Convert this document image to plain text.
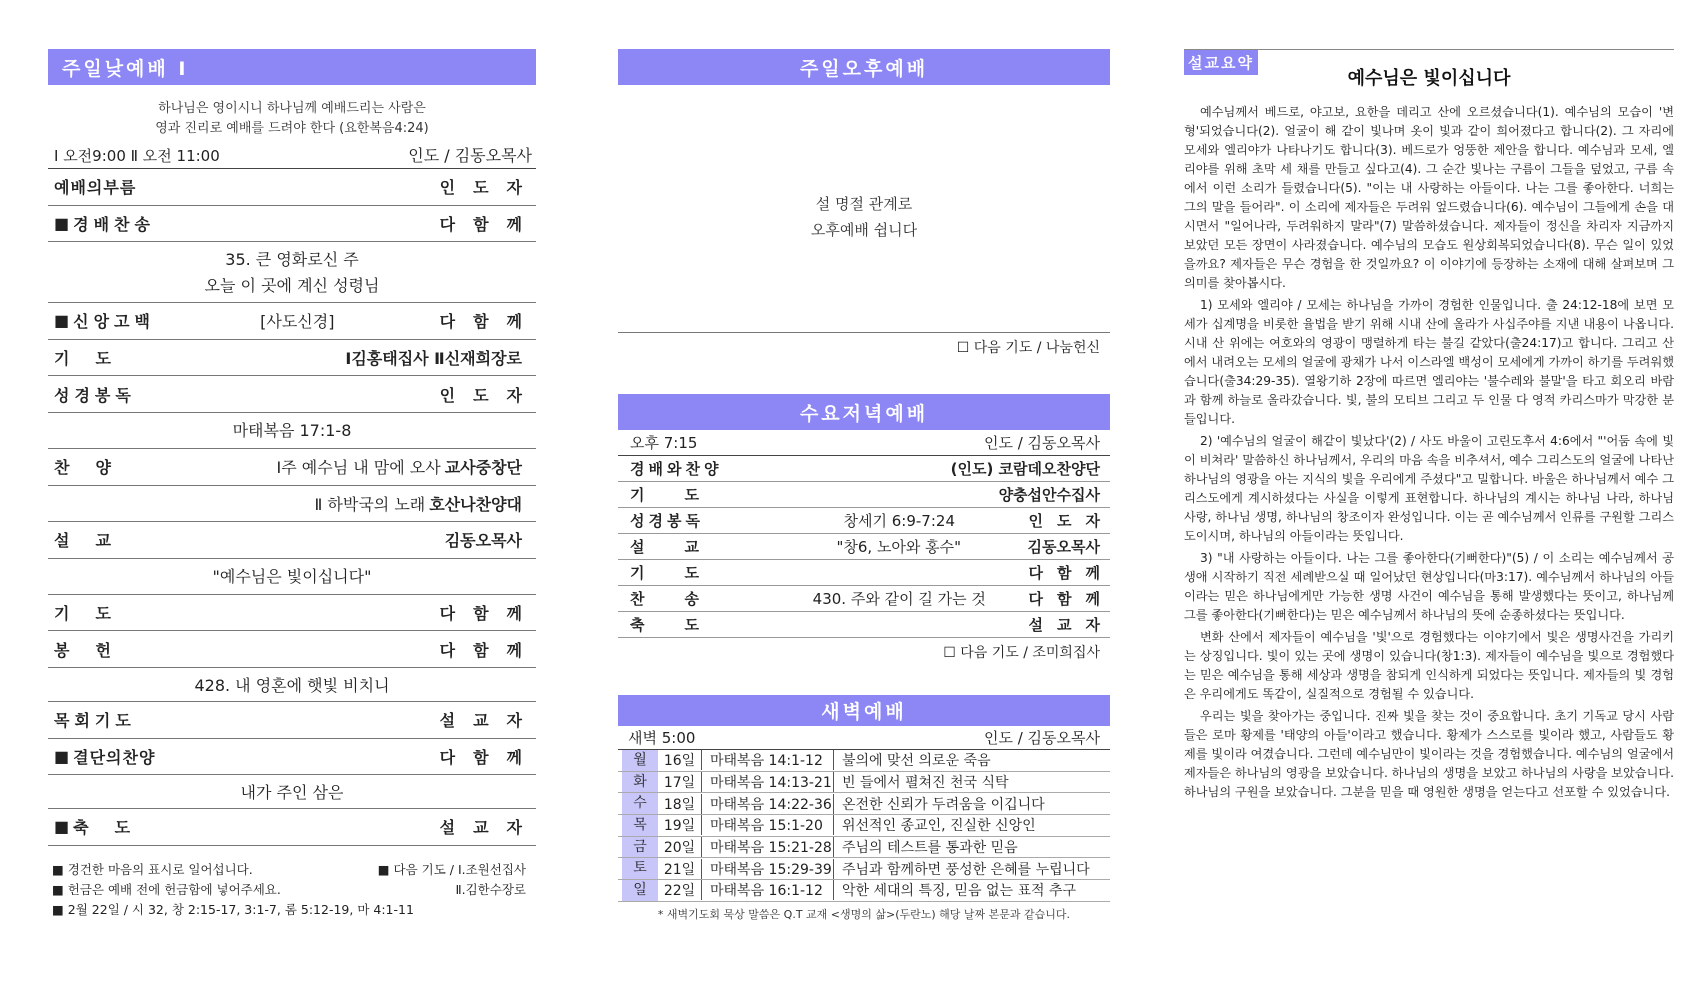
주일낮예배 Ⅰ
하나님은 영이시니 하나님께 예배드리는 사람은
영과 진리로 예배를 드려야 한다 (요한복음4:24)
Ⅰ 오전9:00 Ⅱ 오전 11:00	인도 / 김동오목사
예배의부름	인도자
■ 경배찬송	다함께
35. 큰 영화로신 주
오늘 이 곳에 계신 성령님
■ 신앙고백	[사도신경]	다함께
기도	Ⅰ김홍태집사 Ⅱ신재희장로
성경봉독	인도자
마태복음 17:1-8
찬양	Ⅰ주 예수님 내 맘에 오사 교사중창단
Ⅱ 하박국의 노래 호산나찬양대
설교	김동오목사
"예수님은 빛이십니다"
기도	다함께
봉헌	다함께
428. 내 영혼에 햇빛 비치니
목회기도	설교자
■ 결단의찬양	다함께
내가 주인 삼은
■ 축도	설교자
■ 경건한 마음의 표시로 일어섭니다.	■ 다음 기도 / Ⅰ.조원선집사
■ 헌금은 예배 전에 헌금함에 넣어주세요.	Ⅱ.김한수장로
■ 2월 22일 / 시 32, 창 2:15-17, 3:1-7, 롬 5:12-19, 마 4:1-11
주일오후예배
설 명절 관계로
오후예배 쉽니다
☐ 다음 기도 / 나눔헌신
수요저녁예배
오후 7:15	인도 / 김동오목사
경배와찬양	(인도) 코람데오찬양단
기도	양충섭안수집사
성경봉독	창세기 6:9-7:24	인도자
설교	"창6, 노아와 홍수"	김동오목사
기도	다함께
찬송	430. 주와 같이 길 가는 것	다함께
축도	설교자
☐ 다음 기도 / 조미희집사
새벽예배
새벽 5:00	인도 / 김동오목사
월	16일	마태복음 14:1-12	불의에 맞선 의로운 죽음
화	17일	마태복음 14:13-21 빈 들에서 펼쳐진 천국 식탁
수	18일	마태복음 14:22-36 온전한 신뢰가 두려움을 이깁니다
목	19일	마태복음 15:1-20	위선적인 종교인, 진실한 신앙인
금	20일	마태복음 15:21-28 주님의 테스트를 통과한 믿음
토	21일	마태복음 15:29-39 주님과 함께하면 풍성한 은혜를 누립니다
일	22일	마태복음 16:1-12	악한 세대의 특징, 믿음 없는 표적 추구
* 새벽기도회 묵상 말씀은 Q.T 교재 <생명의 삶>(두란노) 해당 날짜 본문과 같습니다.
설교요약
예수님은 빛이십니다

예수님께서 베드로, 야고보, 요한을 데리고 산에 오르셨습니다(1). 예수님의 모습이 '변형'되었습니다(2). 얼굴이 해 같이 빛나며 옷이 빛과 같이 희어졌다고 합니다(2). 그 자리에 모세와 엘리야가 나타나기도 합니다(3). 베드로가 엉뚱한 제안을 합니다. 예수님과 모세, 엘리야를 위해 초막 세 채를 만들고 싶다고(4). 그 순간 빛나는 구름이 그들을 덮었고, 구름 속에서 이런 소리가 들렸습니다(5). "이는 내 사랑하는 아들이다. 나는 그를 좋아한다. 너희는 그의 말을 들어라". 이 소리에 제자들은 두려워 엎드렸습니다(6). 예수님이 그들에게 손을 대시면서 "일어나라, 두려워하지 말라"(7) 말씀하셨습니다. 제자들이 정신을 차리자 지금까지 보았던 모든 장면이 사라졌습니다. 예수님의 모습도 원상회복되었습니다(8). 무슨 일이 있었을까요? 제자들은 무슨 경험을 한 것일까요? 이 이야기에 등장하는 소재에 대해 살펴보며 그 의미를 찾아봅시다.

1) 모세와 엘리야 / 모세는 하나님을 가까이 경험한 인물입니다. 출 24:12-18에 보면 모세가 십계명을 비롯한 율법을 받기 위해 시내 산에 올라가 사십주야를 지낸 내용이 나옵니다. 시내 산 위에는 여호와의 영광이 맹렬하게 타는 불길 같았다(출24:17)고 합니다. 그리고 산에서 내려오는 모세의 얼굴에 광채가 나서 이스라엘 백성이 모세에게 가까이 하기를 두려워했습니다(출34:29-35). 열왕기하 2장에 따르면 엘리야는 '불수레와 불말'을 타고 회오리 바람과 함께 하늘로 올라갔습니다. 빛, 불의 모티브 그리고 두 인물 다 영적 카리스마가 막강한 분들입니다.

2) '예수님의 얼굴이 해같이 빛났다'(2) / 사도 바울이 고린도후서 4:6에서 "'어둠 속에 빛이 비쳐라' 말씀하신 하나님께서, 우리의 마음 속을 비추셔서, 예수 그리스도의 얼굴에 나타난 하나님의 영광을 아는 지식의 빛을 우리에게 주셨다"고 밀합니다. 바울은 하나님께서 예수 그리스도에게 계시하셨다는 사실을 이렇게 표현합니다. 하나님의 계시는 하나님 나라, 하나님 사랑, 하나님 생명, 하나님의 창조이자 완성입니다. 이는 곧 예수님께서 인류를 구원할 그리스도이시며, 하나님의 아들이라는 뜻입니다.

3) "내 사랑하는 아들이다. 나는 그를 좋아한다(기뻐한다)"(5) / 이 소리는 예수님께서 공생애 시작하기 직전 세례받으실 때 일어났던 현상입니다(마3:17). 예수님께서 하나님의 아들이라는 믿은 하나님에게만 가능한 생명 사건이 예수님을 통해 발생했다는 뜻이고, 하나님께 그를 좋아한다(기뻐한다)는 믿은 예수님께서 하나님의 뜻에 순종하셨다는 뜻입니다.

변화 산에서 제자들이 예수님을 '빛'으로 경험했다는 이야기에서 빛은 생명사건을 가리키는 상징입니다. 빛이 있는 곳에 생명이 있습니다(창1:3). 제자들이 예수님을 빛으로 경험했다는 믿은 예수님을 통해 세상과 생명을 참되게 인식하게 되었다는 뜻입니다. 제자들의 빛 경험은 우리에게도 똑같이, 실질적으로 경험될 수 있습니다.

우리는 빛을 찾아가는 중입니다. 진짜 빛을 찾는 것이 중요합니다. 초기 기독교 당시 사람들은 로마 황제를 '태양의 아들'이라고 했습니다. 황제가 스스로를 빛이라 했고, 사람들도 황제를 빛이라 여겼습니다. 그런데 예수님만이 빛이라는 것을 경험했습니다. 예수님의 얼굴에서 제자들은 하나님의 영광을 보았습니다. 하나님의 생명을 보았고 하나님의 사랑을 보았습니다. 하나님의 구원을 보았습니다. 그분을 믿을 때 영원한 생명을 얻는다고 선포할 수 있었습니다.
